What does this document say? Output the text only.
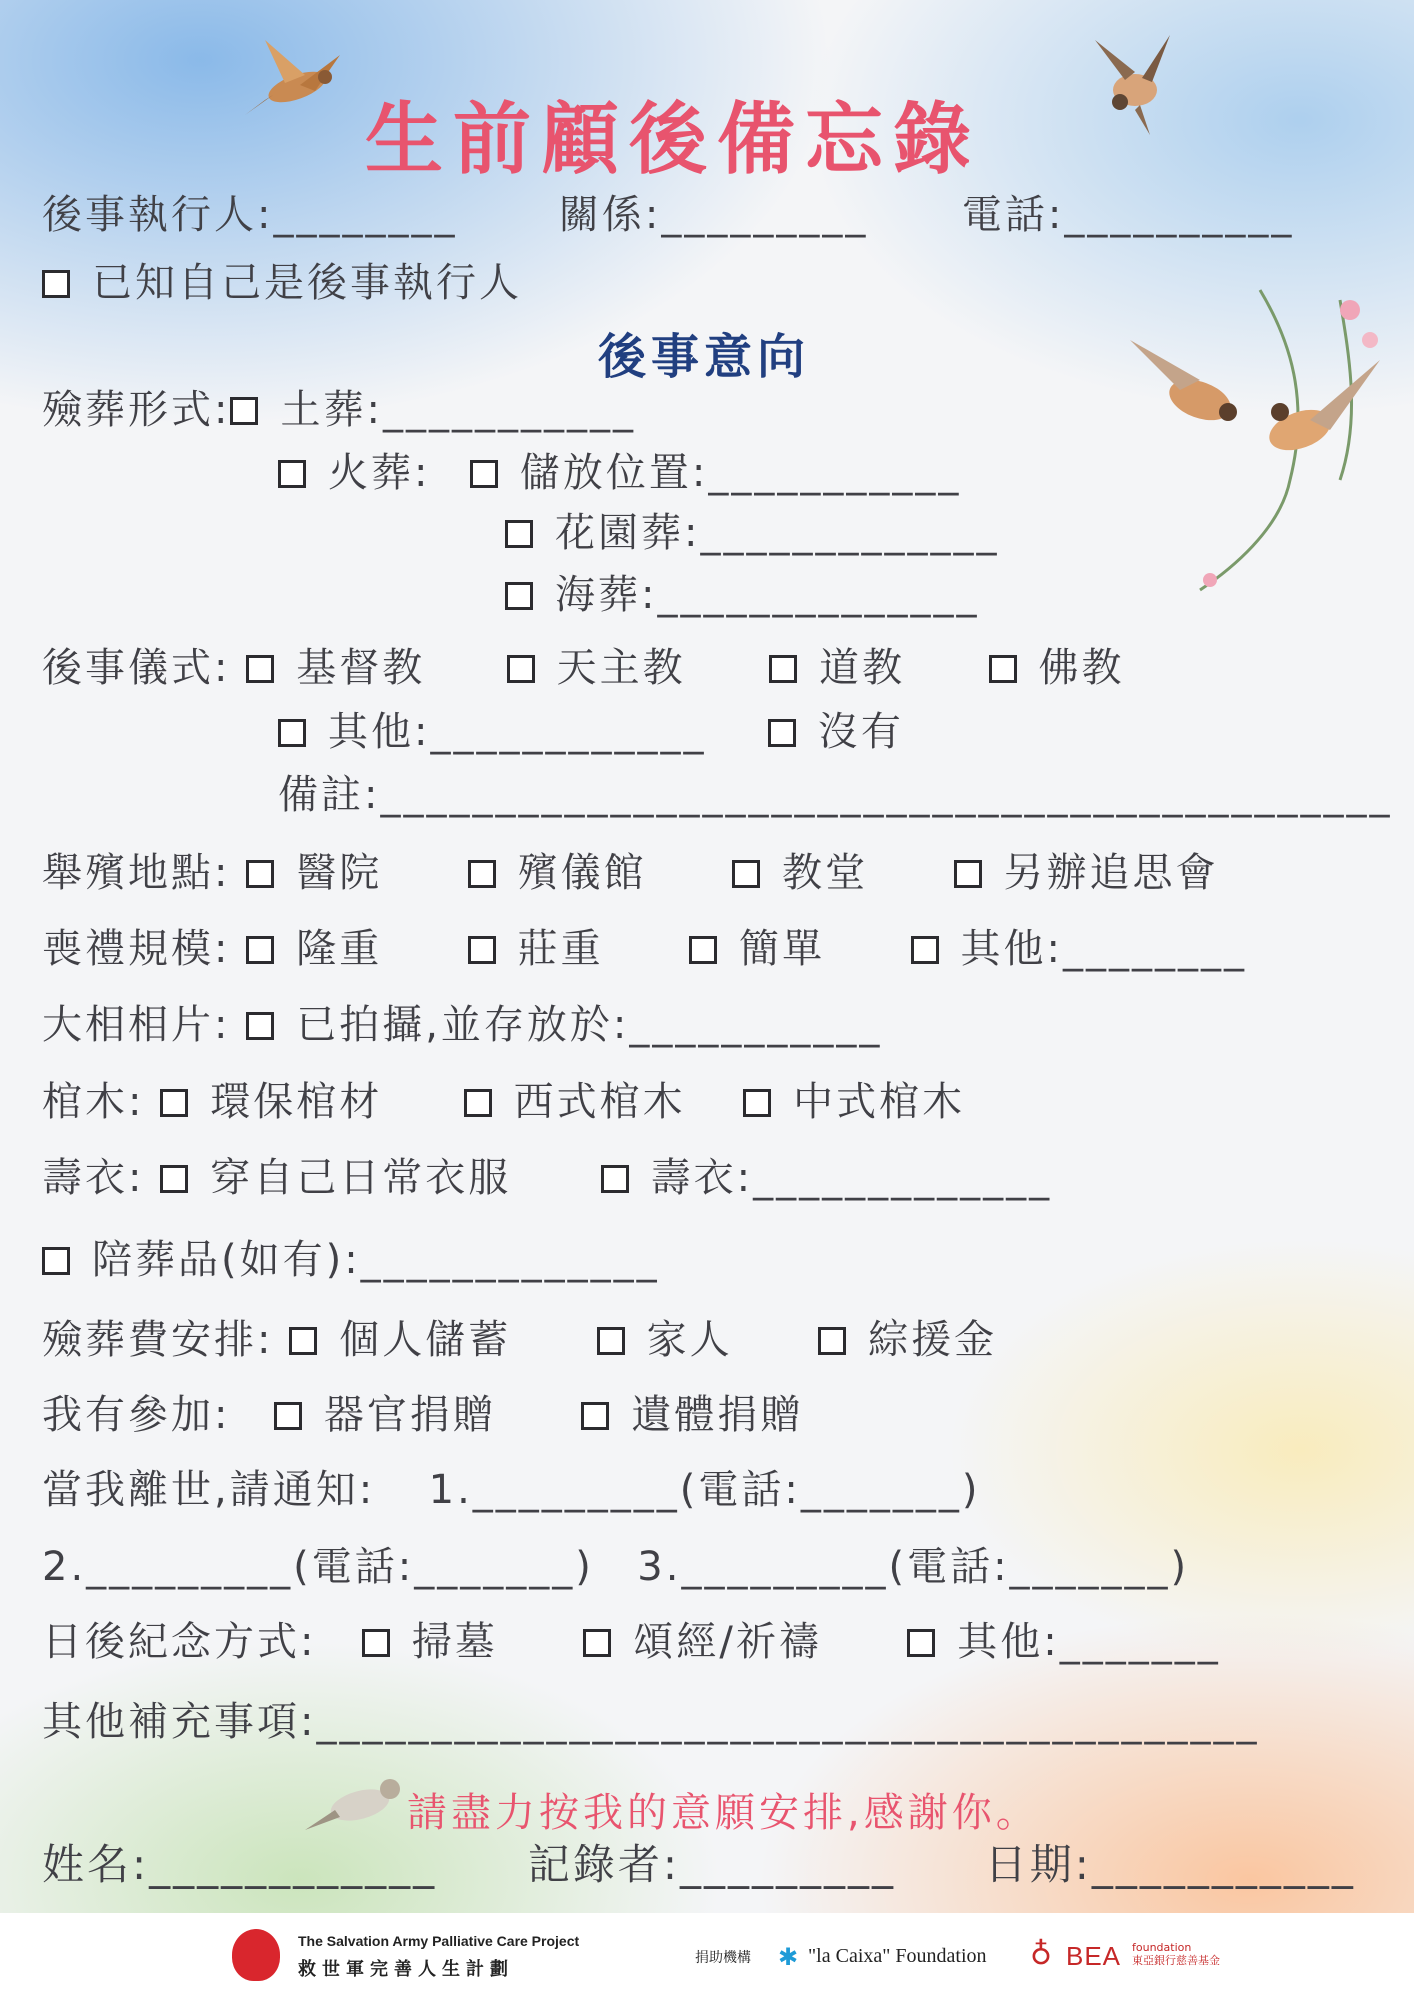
生前顧後備忘錄
後事執行人:________	關係:_________ 電話:__________
已知自己是後事執行人
後事意向
殮葬形式: 土葬:___________
火葬: 儲放位置:___________
花園葬:_____________
海葬:______________
後事儀式: 基督教	天主教	道教	佛教
其他:____________	沒有
備註:____________________________________________
舉殯地點: 醫院	殯儀館	教堂	另辦追思會
喪禮規模: 隆重	莊重	簡單	其他:________
大相相片: 已拍攝,並存放於:___________
棺木: 環保棺材	西式棺木	中式棺木
壽衣: 穿自己日常衣服	壽衣:_____________
陪葬品(如有):_____________
殮葬費安排: 個人儲蓄	家人	綜援金
我有參加: 器官捐贈	遺體捐贈
當我離世,請通知: 1._________(電話:_______)
2._________(電話:_______) 3._________(電話:_______)
日後紀念方式: 掃墓	頌經/祈禱	其他:_______
其他補充事項:_________________________________________
請盡力按我的意願安排,感謝你。
姓名:____________ 記錄者:_________ 日期:___________
The Salvation Army Palliative Care Project
救世軍完善人生計劃
捐助機構 ✱ "la Caixa" Foundation ♁ BEA foundation
東亞銀行慈善基金
